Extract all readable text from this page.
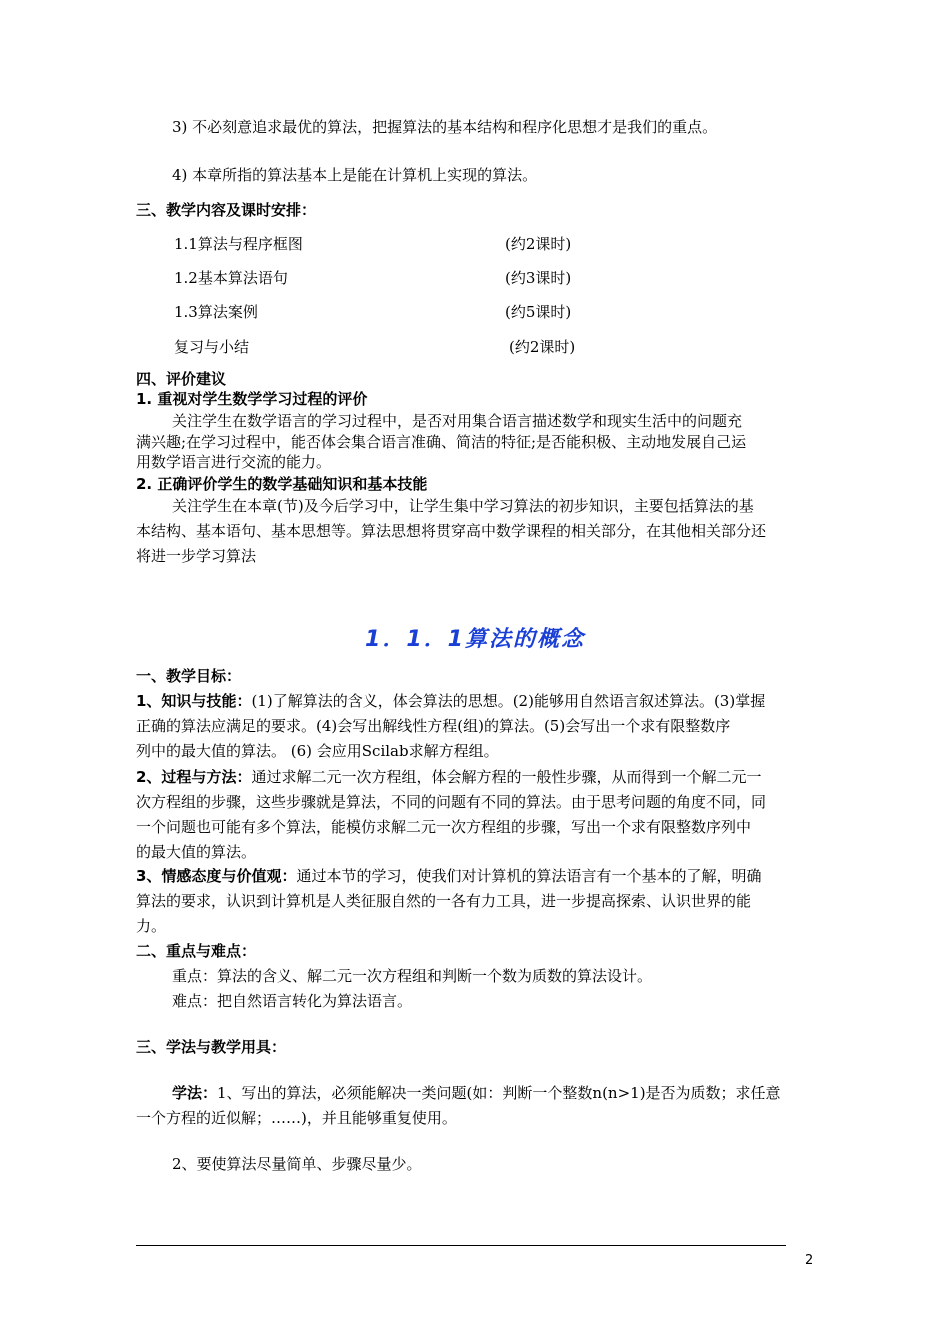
3) 不必刻意追求最优的算法，把握算法的基本结构和程序化思想才是我们的重点。
4) 本章所指的算法基本上是能在计算机上实现的算法。
三、教学内容及课时安排：
1.1算法与程序框图	(约2课时)
1.2基本算法语句	(约3课时)
1.3算法案例	(约5课时)
复习与小结	(约2课时)
四、评价建议
1. 重视对学生数学学习过程的评价
关注学生在数学语言的学习过程中，是否对用集合语言描述数学和现实生活中的问题充
满兴趣;在学习过程中，能否体会集合语言准确、简洁的特征;是否能积极、主动地发展自己运
用数学语言进行交流的能力。
2. 正确评价学生的数学基础知识和基本技能
关注学生在本章(节)及今后学习中，让学生集中学习算法的初步知识，主要包括算法的基
本结构、基本语句、基本思想等。算法思想将贯穿高中数学课程的相关部分，在其他相关部分还
将进一步学习算法
1．1．1算法的概念
一、教学目标：
1、知识与技能：(1)了解算法的含义，体会算法的思想。(2)能够用自然语言叙述算法。(3)掌握
正确的算法应满足的要求。(4)会写出解线性方程(组)的算法。(5)会写出一个求有限整数序
列中的最大值的算法。 (6) 会应用Scilab求解方程组。
2、过程与方法：通过求解二元一次方程组，体会解方程的一般性步骤，从而得到一个解二元一
次方程组的步骤，这些步骤就是算法，不同的问题有不同的算法。由于思考问题的角度不同，同
一个问题也可能有多个算法，能模仿求解二元一次方程组的步骤，写出一个求有限整数序列中
的最大值的算法。
3、情感态度与价值观：通过本节的学习，使我们对计算机的算法语言有一个基本的了解，明确
算法的要求，认识到计算机是人类征服自然的一各有力工具，进一步提高探索、认识世界的能
力。
二、重点与难点：
重点：算法的含义、解二元一次方程组和判断一个数为质数的算法设计。
难点：把自然语言转化为算法语言。
三、学法与教学用具：
学法：1、写出的算法，必须能解决一类问题(如：判断一个整数n(n>1)是否为质数；求任意
一个方程的近似解；……)，并且能够重复使用。
2、要使算法尽量简单、步骤尽量少。
2
